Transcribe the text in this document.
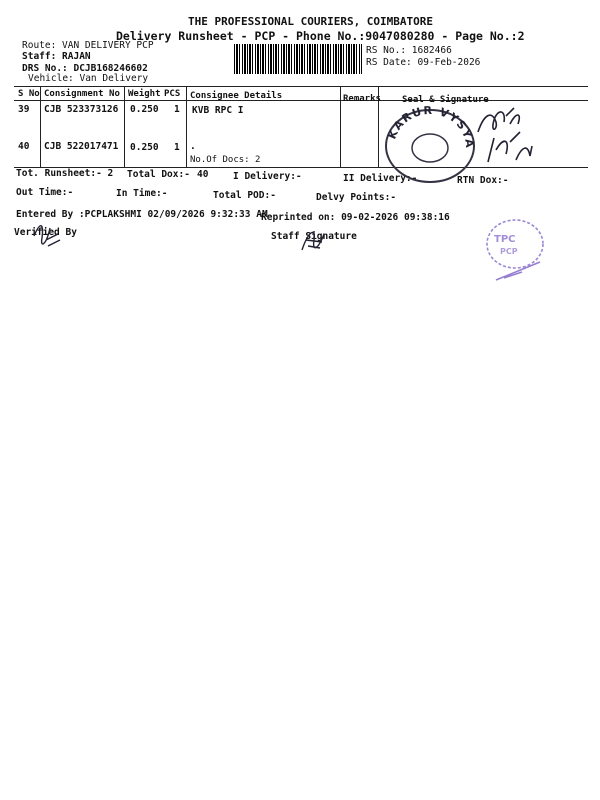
THE PROFESSIONAL COURIERS, COIMBATORE
Delivery Runsheet - PCP - Phone No.:9047080280 - Page No.:2
Route: VAN DELIVERY PCP
Staff: RAJAN
DRS No.: DCJB168246602
Vehicle: Van Delivery
RS No.: 1682466
RS Date: 09-Feb-2026
S No Consignment No Weight PCS Consignee Details	Remarks Seal & Signature
39 CJB 523373126 0.250 1 KVB RPC I
40 CJB 522017471 0.250 1 .
No.Of Docs: 2
Tot. Runsheet:- 2 Total Dox:- 40	I Delivery:-	II Delivery:-	RTN Dox:-
Out Time:-	In Time:-	Total POD:-	Delvy Points:-
Entered By :PCPLAKSHMI 02/09/2026 9:32:33 AM
Reprinted on: 09-02-2026 09:38:16
Verified By	Staff Signature
KARUR VYSYA
TPC
PCP
